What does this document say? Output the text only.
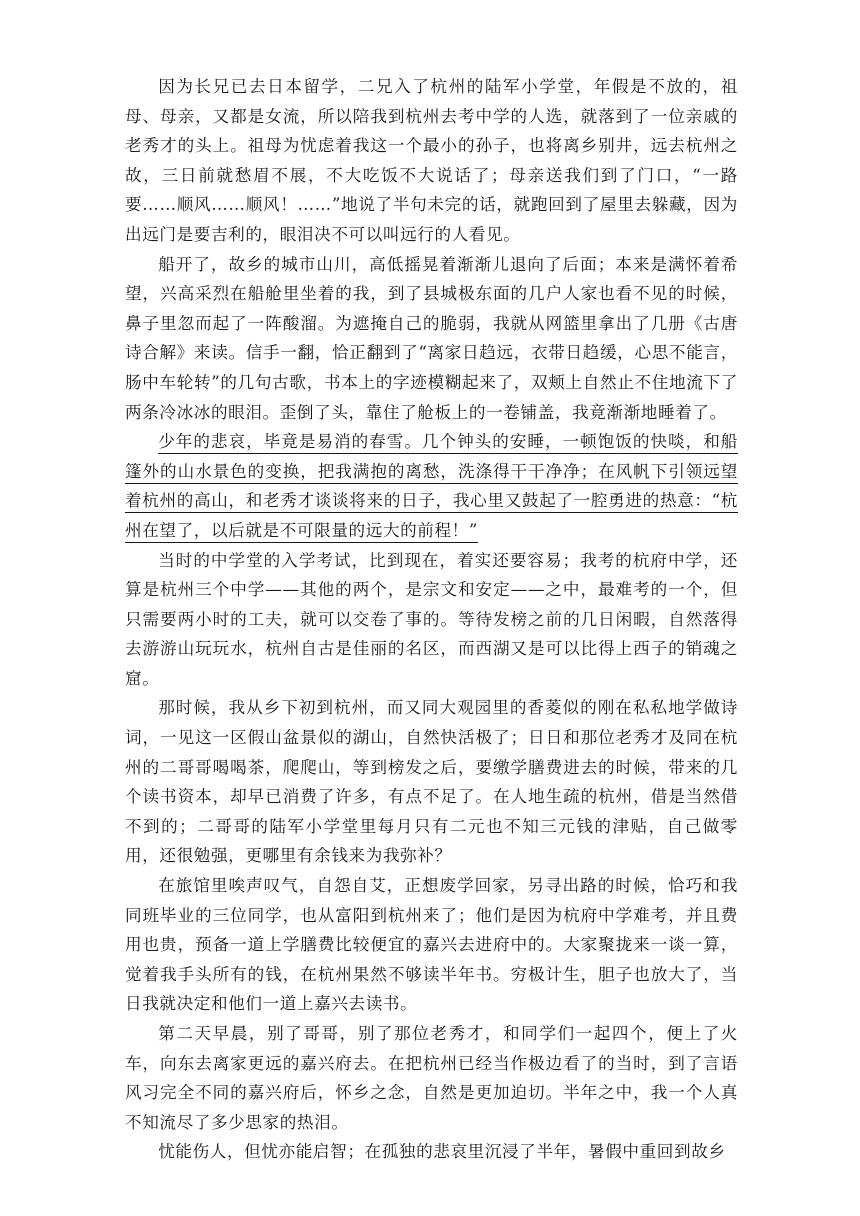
因为长兄已去日本留学，二兄入了杭州的陆军小学堂，年假是不放的，祖母、母亲，又都是女流，所以陪我到杭州去考中学的人选，就落到了一位亲戚的老秀才的头上。祖母为忧虑着我这一个最小的孙子，也将离乡别井，远去杭州之故，三日前就愁眉不展，不大吃饭不大说话了；母亲送我们到了门口，“一路要……顺风……顺风！……”地说了半句未完的话，就跑回到了屋里去躲藏，因为出远门是要吉利的，眼泪决不可以叫远行的人看见。

船开了，故乡的城市山川，高低摇晃着渐渐儿退向了后面；本来是满怀着希望，兴高采烈在船舱里坐着的我，到了县城极东面的几户人家也看不见的时候，鼻子里忽而起了一阵酸溜。为遮掩自己的脆弱，我就从网篮里拿出了几册《古唐诗合解》来读。信手一翻，恰正翻到了“离家日趋远，衣带日趋缓，心思不能言，肠中车轮转”的几句古歌，书本上的字迹模糊起来了，双颊上自然止不住地流下了两条冷冰冰的眼泪。歪倒了头，靠住了舱板上的一卷铺盖，我竟渐渐地睡着了。

少年的悲哀，毕竟是易消的春雪。几个钟头的安睡，一顿饱饭的快啖，和船篷外的山水景色的变换，把我满抱的离愁，洗涤得干干净净；在风帆下引领远望着杭州的高山，和老秀才谈谈将来的日子，我心里又鼓起了一腔勇进的热意：“杭州在望了，以后就是不可限量的远大的前程！”

当时的中学堂的入学考试，比到现在，着实还要容易；我考的杭府中学，还算是杭州三个中学——其他的两个，是宗文和安定——之中，最难考的一个，但只需要两小时的工夫，就可以交卷了事的。等待发榜之前的几日闲暇，自然落得去游游山玩玩水，杭州自古是佳丽的名区，而西湖又是可以比得上西子的销魂之窟。

那时候，我从乡下初到杭州，而又同大观园里的香菱似的刚在私私地学做诗词，一见这一区假山盆景似的湖山，自然快活极了；日日和那位老秀才及同在杭州的二哥哥喝喝茶，爬爬山，等到榜发之后，要缴学膳费进去的时候，带来的几个读书资本，却早已消费了许多，有点不足了。在人地生疏的杭州，借是当然借不到的；二哥哥的陆军小学堂里每月只有二元也不知三元钱的津贴，自己做零用，还很勉强，更哪里有余钱来为我弥补？

在旅馆里唉声叹气，自怨自艾，正想废学回家，另寻出路的时候，恰巧和我同班毕业的三位同学，也从富阳到杭州来了；他们是因为杭府中学难考，并且费用也贵，预备一道上学膳费比较便宜的嘉兴去进府中的。大家聚拢来一谈一算，觉着我手头所有的钱，在杭州果然不够读半年书。穷极计生，胆子也放大了，当日我就决定和他们一道上嘉兴去读书。

第二天早晨，别了哥哥，别了那位老秀才，和同学们一起四个，便上了火车，向东去离家更远的嘉兴府去。在把杭州已经当作极边看了的当时，到了言语风习完全不同的嘉兴府后，怀乡之念，自然是更加迫切。半年之中，我一个人真不知流尽了多少思家的热泪。

忧能伤人，但忧亦能启智；在孤独的悲哀里沉浸了半年，暑假中重回到故乡
